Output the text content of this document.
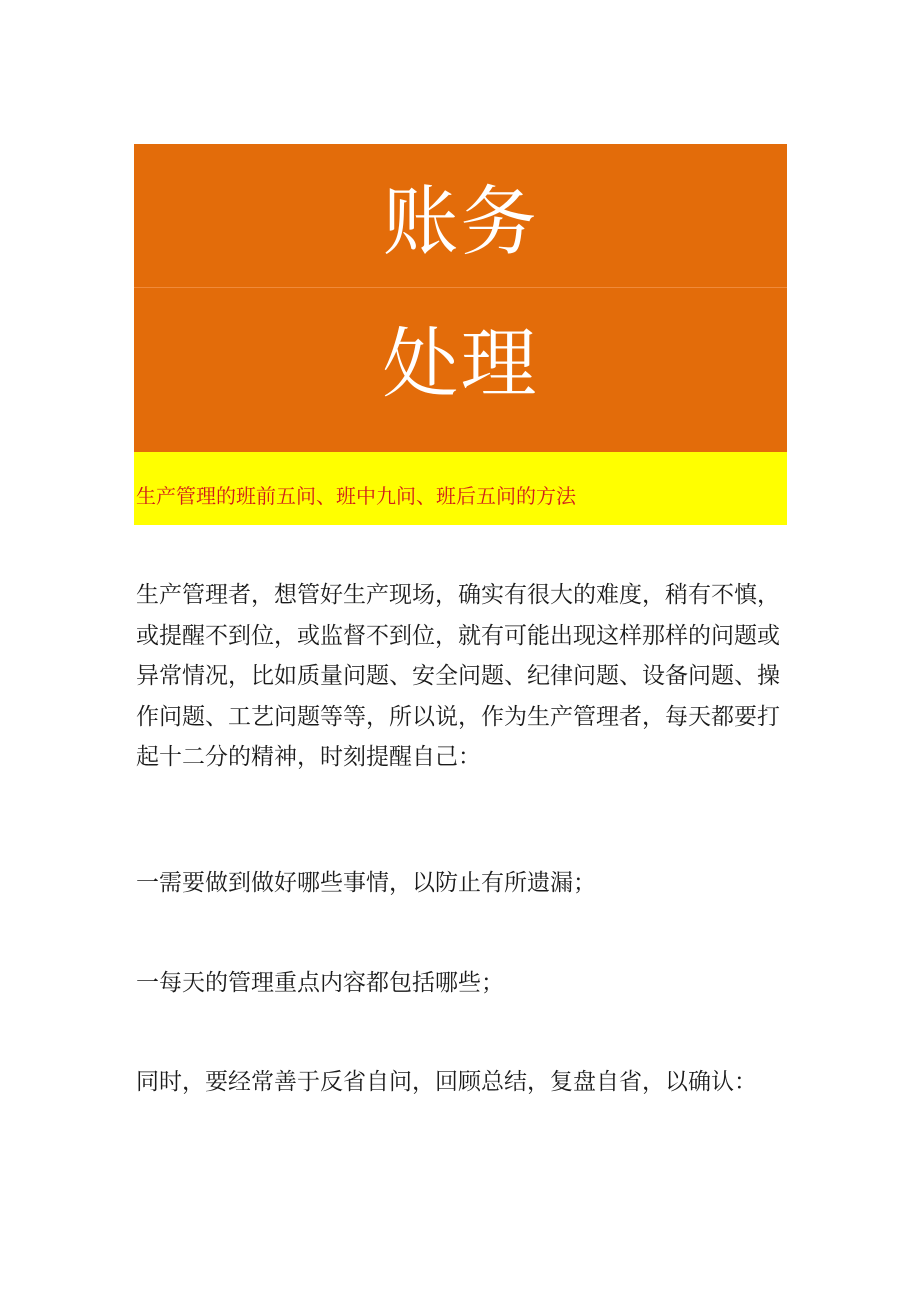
账务
处理
生产管理的班前五问、班中九问、班后五问的方法

生产管理者，想管好生产现场，确实有很大的难度，稍有不慎，或提醒不到位，或监督不到位，就有可能出现这样那样的问题或异常情况，比如质量问题、安全问题、纪律问题、设备问题、操作问题、工艺问题等等，所以说，作为生产管理者，每天都要打起十二分的精神，时刻提醒自己：

一需要做到做好哪些事情，以防止有所遗漏；

一每天的管理重点内容都包括哪些；

同时，要经常善于反省自问，回顾总结，复盘自省，以确认：
